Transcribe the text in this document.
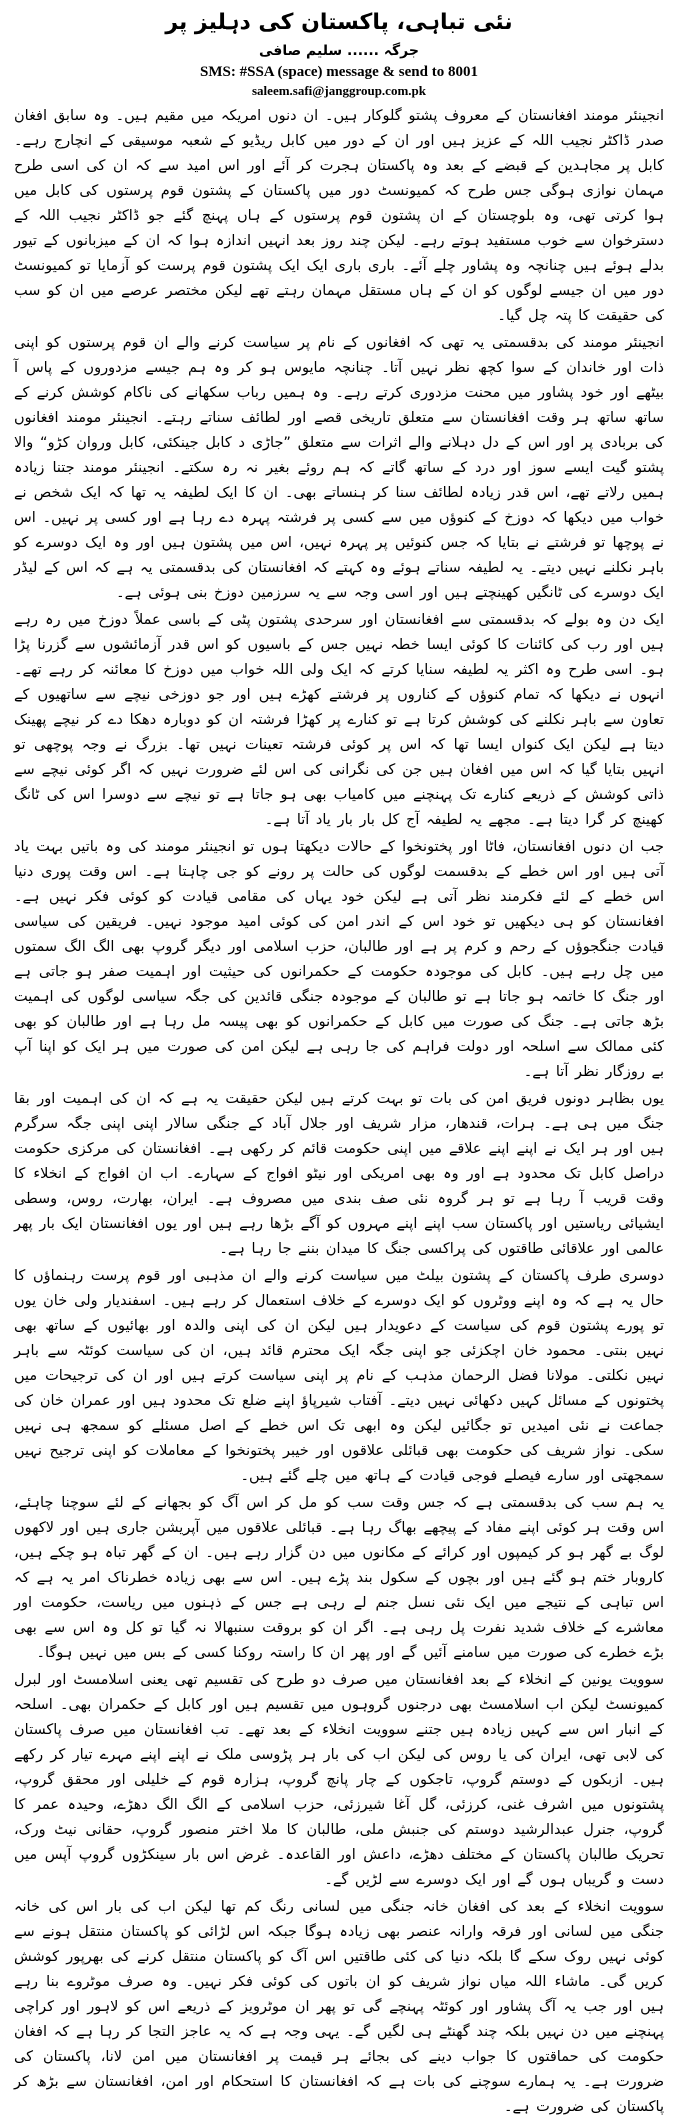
نئی تباہی، پاکستان کی دہلیز پر
جرگہ ...... سلیم صافی
SMS: #SSA (space) message & send to 8001
saleem.safi@janggroup.com.pk

انجینئر مومند افغانستان کے معروف پشتو گلوکار ہیں۔ ان دنوں امریکہ میں مقیم ہیں۔ وہ سابق افغان صدر ڈاکٹر نجیب اللہ کے عزیز ہیں اور ان کے دور میں کابل ریڈیو کے شعبہ موسیقی کے انچارج رہے۔ کابل پر مجاہدین کے قبضے کے بعد وہ پاکستان ہجرت کر آئے اور اس امید سے کہ ان کی اسی طرح مہمان نوازی ہوگی جس طرح کہ کمیونسٹ دور میں پاکستان کے پشتون قوم پرستوں کی کابل میں ہوا کرتی تھی، وہ بلوچستان کے ان پشتون قوم پرستوں کے ہاں پہنچ گئے جو ڈاکٹر نجیب اللہ کے دسترخوان سے خوب مستفید ہوتے رہے۔ لیکن چند روز بعد انہیں اندازہ ہوا کہ ان کے میزبانوں کے تیور بدلے ہوئے ہیں چنانچہ وہ پشاور چلے آئے۔ باری باری ایک ایک پشتون قوم پرست کو آزمایا تو کمیونسٹ دور میں ان جیسے لوگوں کو ان کے ہاں مستقل مہمان رہتے تھے لیکن مختصر عرصے میں ان کو سب کی حقیقت کا پتہ چل گیا۔

انجینئر مومند کی بدقسمتی یہ تھی کہ افغانوں کے نام پر سیاست کرنے والے ان قوم پرستوں کو اپنی ذات اور خاندان کے سوا کچھ نظر نہیں آتا۔ چنانچہ مایوس ہو کر وہ ہم جیسے مزدوروں کے پاس آ بیٹھے اور خود پشاور میں محنت مزدوری کرتے رہے۔ وہ ہمیں رباب سکھانے کی ناکام کوشش کرنے کے ساتھ ساتھ ہر وقت افغانستان سے متعلق تاریخی قصے اور لطائف سناتے رہتے۔ انجینئر مومند افغانوں کی بربادی پر اور اس کے دل دہلانے والے اثرات سے متعلق ”جاڑی د کابل جینکئی، کابل وروان کڑو“ والا پشتو گیت ایسے سوز اور درد کے ساتھ گاتے کہ ہم روئے بغیر نہ رہ سکتے۔ انجینئر مومند جتنا زیادہ ہمیں رلاتے تھے، اس قدر زیادہ لطائف سنا کر ہنساتے بھی۔ ان کا ایک لطیفہ یہ تھا کہ ایک شخص نے خواب میں دیکھا کہ دوزخ کے کنوؤں میں سے کسی پر فرشتہ پہرہ دے رہا ہے اور کسی پر نہیں۔ اس نے پوچھا تو فرشتے نے بتایا کہ جس کنوئیں پر پہرہ نہیں، اس میں پشتون ہیں اور وہ ایک دوسرے کو باہر نکلنے نہیں دیتے۔ یہ لطیفہ سناتے ہوئے وہ کہتے کہ افغانستان کی بدقسمتی یہ ہے کہ اس کے لیڈر ایک دوسرے کی ٹانگیں کھینچتے ہیں اور اسی وجہ سے یہ سرزمین دوزخ بنی ہوئی ہے۔

ایک دن وہ بولے کہ بدقسمتی سے افغانستان اور سرحدی پشتون پٹی کے باسی عملاً دوزخ میں رہ رہے ہیں اور رب کی کائنات کا کوئی ایسا خطہ نہیں جس کے باسیوں کو اس قدر آزمائشوں سے گزرنا پڑا ہو۔ اسی طرح وہ اکثر یہ لطیفہ سنایا کرتے کہ ایک ولی اللہ خواب میں دوزخ کا معائنہ کر رہے تھے۔ انہوں نے دیکھا کہ تمام کنوؤں کے کناروں پر فرشتے کھڑے ہیں اور جو دوزخی نیچے سے ساتھیوں کے تعاون سے باہر نکلنے کی کوشش کرتا ہے تو کنارے پر کھڑا فرشتہ ان کو دوبارہ دھکا دے کر نیچے پھینک دیتا ہے لیکن ایک کنواں ایسا تھا کہ اس پر کوئی فرشتہ تعینات نہیں تھا۔ بزرگ نے وجہ پوچھی تو انہیں بتایا گیا کہ اس میں افغان ہیں جن کی نگرانی کی اس لئے ضرورت نہیں کہ اگر کوئی نیچے سے ذاتی کوشش کے ذریعے کنارے تک پہنچنے میں کامیاب بھی ہو جاتا ہے تو نیچے سے دوسرا اس کی ٹانگ کھینچ کر گرا دیتا ہے۔ مجھے یہ لطیفہ آج کل بار بار یاد آتا ہے۔

جب ان دنوں افغانستان، فاٹا اور پختونخوا کے حالات دیکھتا ہوں تو انجینئر مومند کی وہ باتیں بہت یاد آتی ہیں اور اس خطے کے بدقسمت لوگوں کی حالت پر رونے کو جی چاہتا ہے۔ اس وقت پوری دنیا اس خطے کے لئے فکرمند نظر آتی ہے لیکن خود یہاں کی مقامی قیادت کو کوئی فکر نہیں ہے۔ افغانستان کو ہی دیکھیں تو خود اس کے اندر امن کی کوئی امید موجود نہیں۔ فریقین کی سیاسی قیادت جنگجوؤں کے رحم و کرم پر ہے اور طالبان، حزب اسلامی اور دیگر گروپ بھی الگ الگ سمتوں میں چل رہے ہیں۔ کابل کی موجودہ حکومت کے حکمرانوں کی حیثیت اور اہمیت صفر ہو جاتی ہے اور جنگ کا خاتمہ ہو جاتا ہے تو طالبان کے موجودہ جنگی قائدین کی جگہ سیاسی لوگوں کی اہمیت بڑھ جاتی ہے۔ جنگ کی صورت میں کابل کے حکمرانوں کو بھی پیسہ مل رہا ہے اور طالبان کو بھی کئی ممالک سے اسلحہ اور دولت فراہم کی جا رہی ہے لیکن امن کی صورت میں ہر ایک کو اپنا آپ بے روزگار نظر آتا ہے۔

یوں بظاہر دونوں فریق امن کی بات تو بہت کرتے ہیں لیکن حقیقت یہ ہے کہ ان کی اہمیت اور بقا جنگ میں ہی ہے۔ ہرات، قندھار، مزار شریف اور جلال آباد کے جنگی سالار اپنی اپنی جگہ سرگرم ہیں اور ہر ایک نے اپنے اپنے علاقے میں اپنی حکومت قائم کر رکھی ہے۔ افغانستان کی مرکزی حکومت دراصل کابل تک محدود ہے اور وہ بھی امریکی اور نیٹو افواج کے سہارے۔ اب ان افواج کے انخلاء کا وقت قریب آ رہا ہے تو ہر گروہ نئی صف بندی میں مصروف ہے۔ ایران، بھارت، روس، وسطی ایشیائی ریاستیں اور پاکستان سب اپنے اپنے مہروں کو آگے بڑھا رہے ہیں اور یوں افغانستان ایک بار پھر عالمی اور علاقائی طاقتوں کی پراکسی جنگ کا میدان بننے جا رہا ہے۔

دوسری طرف پاکستان کے پشتون بیلٹ میں سیاست کرنے والے ان مذہبی اور قوم پرست رہنماؤں کا حال یہ ہے کہ وہ اپنے ووٹروں کو ایک دوسرے کے خلاف استعمال کر رہے ہیں۔ اسفندیار ولی خان یوں تو پورے پشتون قوم کی سیاست کے دعویدار ہیں لیکن ان کی اپنی والدہ اور بھائیوں کے ساتھ بھی نہیں بنتی۔ محمود خان اچکزئی جو اپنی جگہ ایک محترم قائد ہیں، ان کی سیاست کوئٹہ سے باہر نہیں نکلتی۔ مولانا فضل الرحمان مذہب کے نام پر اپنی سیاست کرتے ہیں اور ان کی ترجیحات میں پختونوں کے مسائل کہیں دکھائی نہیں دیتے۔ آفتاب شیرپاؤ اپنے ضلع تک محدود ہیں اور عمران خان کی جماعت نے نئی امیدیں تو جگائیں لیکن وہ ابھی تک اس خطے کے اصل مسئلے کو سمجھ ہی نہیں سکی۔ نواز شریف کی حکومت بھی قبائلی علاقوں اور خیبر پختونخوا کے معاملات کو اپنی ترجیح نہیں سمجھتی اور سارے فیصلے فوجی قیادت کے ہاتھ میں چلے گئے ہیں۔

یہ ہم سب کی بدقسمتی ہے کہ جس وقت سب کو مل کر اس آگ کو بجھانے کے لئے سوچنا چاہئے، اس وقت ہر کوئی اپنے مفاد کے پیچھے بھاگ رہا ہے۔ قبائلی علاقوں میں آپریشن جاری ہیں اور لاکھوں لوگ بے گھر ہو کر کیمپوں اور کرائے کے مکانوں میں دن گزار رہے ہیں۔ ان کے گھر تباہ ہو چکے ہیں، کاروبار ختم ہو گئے ہیں اور بچوں کے سکول بند پڑے ہیں۔ اس سے بھی زیادہ خطرناک امر یہ ہے کہ اس تباہی کے نتیجے میں ایک نئی نسل جنم لے رہی ہے جس کے ذہنوں میں ریاست، حکومت اور معاشرے کے خلاف شدید نفرت پل رہی ہے۔ اگر ان کو بروقت سنبھالا نہ گیا تو کل وہ اس سے بھی بڑے خطرے کی صورت میں سامنے آئیں گے اور پھر ان کا راستہ روکنا کسی کے بس میں نہیں ہوگا۔

سوویت یونین کے انخلاء کے بعد افغانستان میں صرف دو طرح کی تقسیم تھی یعنی اسلامسٹ اور لبرل کمیونسٹ لیکن اب اسلامسٹ بھی درجنوں گروہوں میں تقسیم ہیں اور کابل کے حکمران بھی۔ اسلحہ کے انبار اس سے کہیں زیادہ ہیں جتنے سوویت انخلاء کے بعد تھے۔ تب افغانستان میں صرف پاکستان کی لابی تھی، ایران کی یا روس کی لیکن اب کی بار ہر پڑوسی ملک نے اپنے اپنے مہرے تیار کر رکھے ہیں۔ ازبکوں کے دوستم گروپ، تاجکوں کے چار پانچ گروپ، ہزارہ قوم کے خلیلی اور محقق گروپ، پشتونوں میں اشرف غنی، کرزئی، گل آغا شیرزئی، حزب اسلامی کے الگ الگ دھڑے، وحیدہ عمر کا گروپ، جنرل عبدالرشید دوستم کی جنبش ملی، طالبان کا ملا اختر منصور گروپ، حقانی نیٹ ورک، تحریک طالبان پاکستان کے مختلف دھڑے، داعش اور القاعدہ۔ غرض اس بار سینکڑوں گروپ آپس میں دست و گریباں ہوں گے اور ایک دوسرے سے لڑیں گے۔

سوویت انخلاء کے بعد کی افغان خانہ جنگی میں لسانی رنگ کم تھا لیکن اب کی بار اس کی خانہ جنگی میں لسانی اور فرقہ وارانہ عنصر بھی زیادہ ہوگا جبکہ اس لڑائی کو پاکستان منتقل ہونے سے کوئی نہیں روک سکے گا بلکہ دنیا کی کئی طاقتیں اس آگ کو پاکستان منتقل کرنے کی بھرپور کوشش کریں گی۔ ماشاء اللہ میاں نواز شریف کو ان باتوں کی کوئی فکر نہیں۔ وہ صرف موٹروے بنا رہے ہیں اور جب یہ آگ پشاور اور کوئٹہ پہنچے گی تو پھر ان موٹرویز کے ذریعے اس کو لاہور اور کراچی پہنچنے میں دن نہیں بلکہ چند گھنٹے ہی لگیں گے۔ یہی وجہ ہے کہ یہ عاجز التجا کر رہا ہے کہ افغان حکومت کی حماقتوں کا جواب دینے کی بجائے ہر قیمت پر افغانستان میں امن لانا، پاکستان کی ضرورت ہے۔ یہ ہمارے سوچنے کی بات ہے کہ افغانستان کا استحکام اور امن، افغانستان سے بڑھ کر پاکستان کی ضرورت ہے۔
